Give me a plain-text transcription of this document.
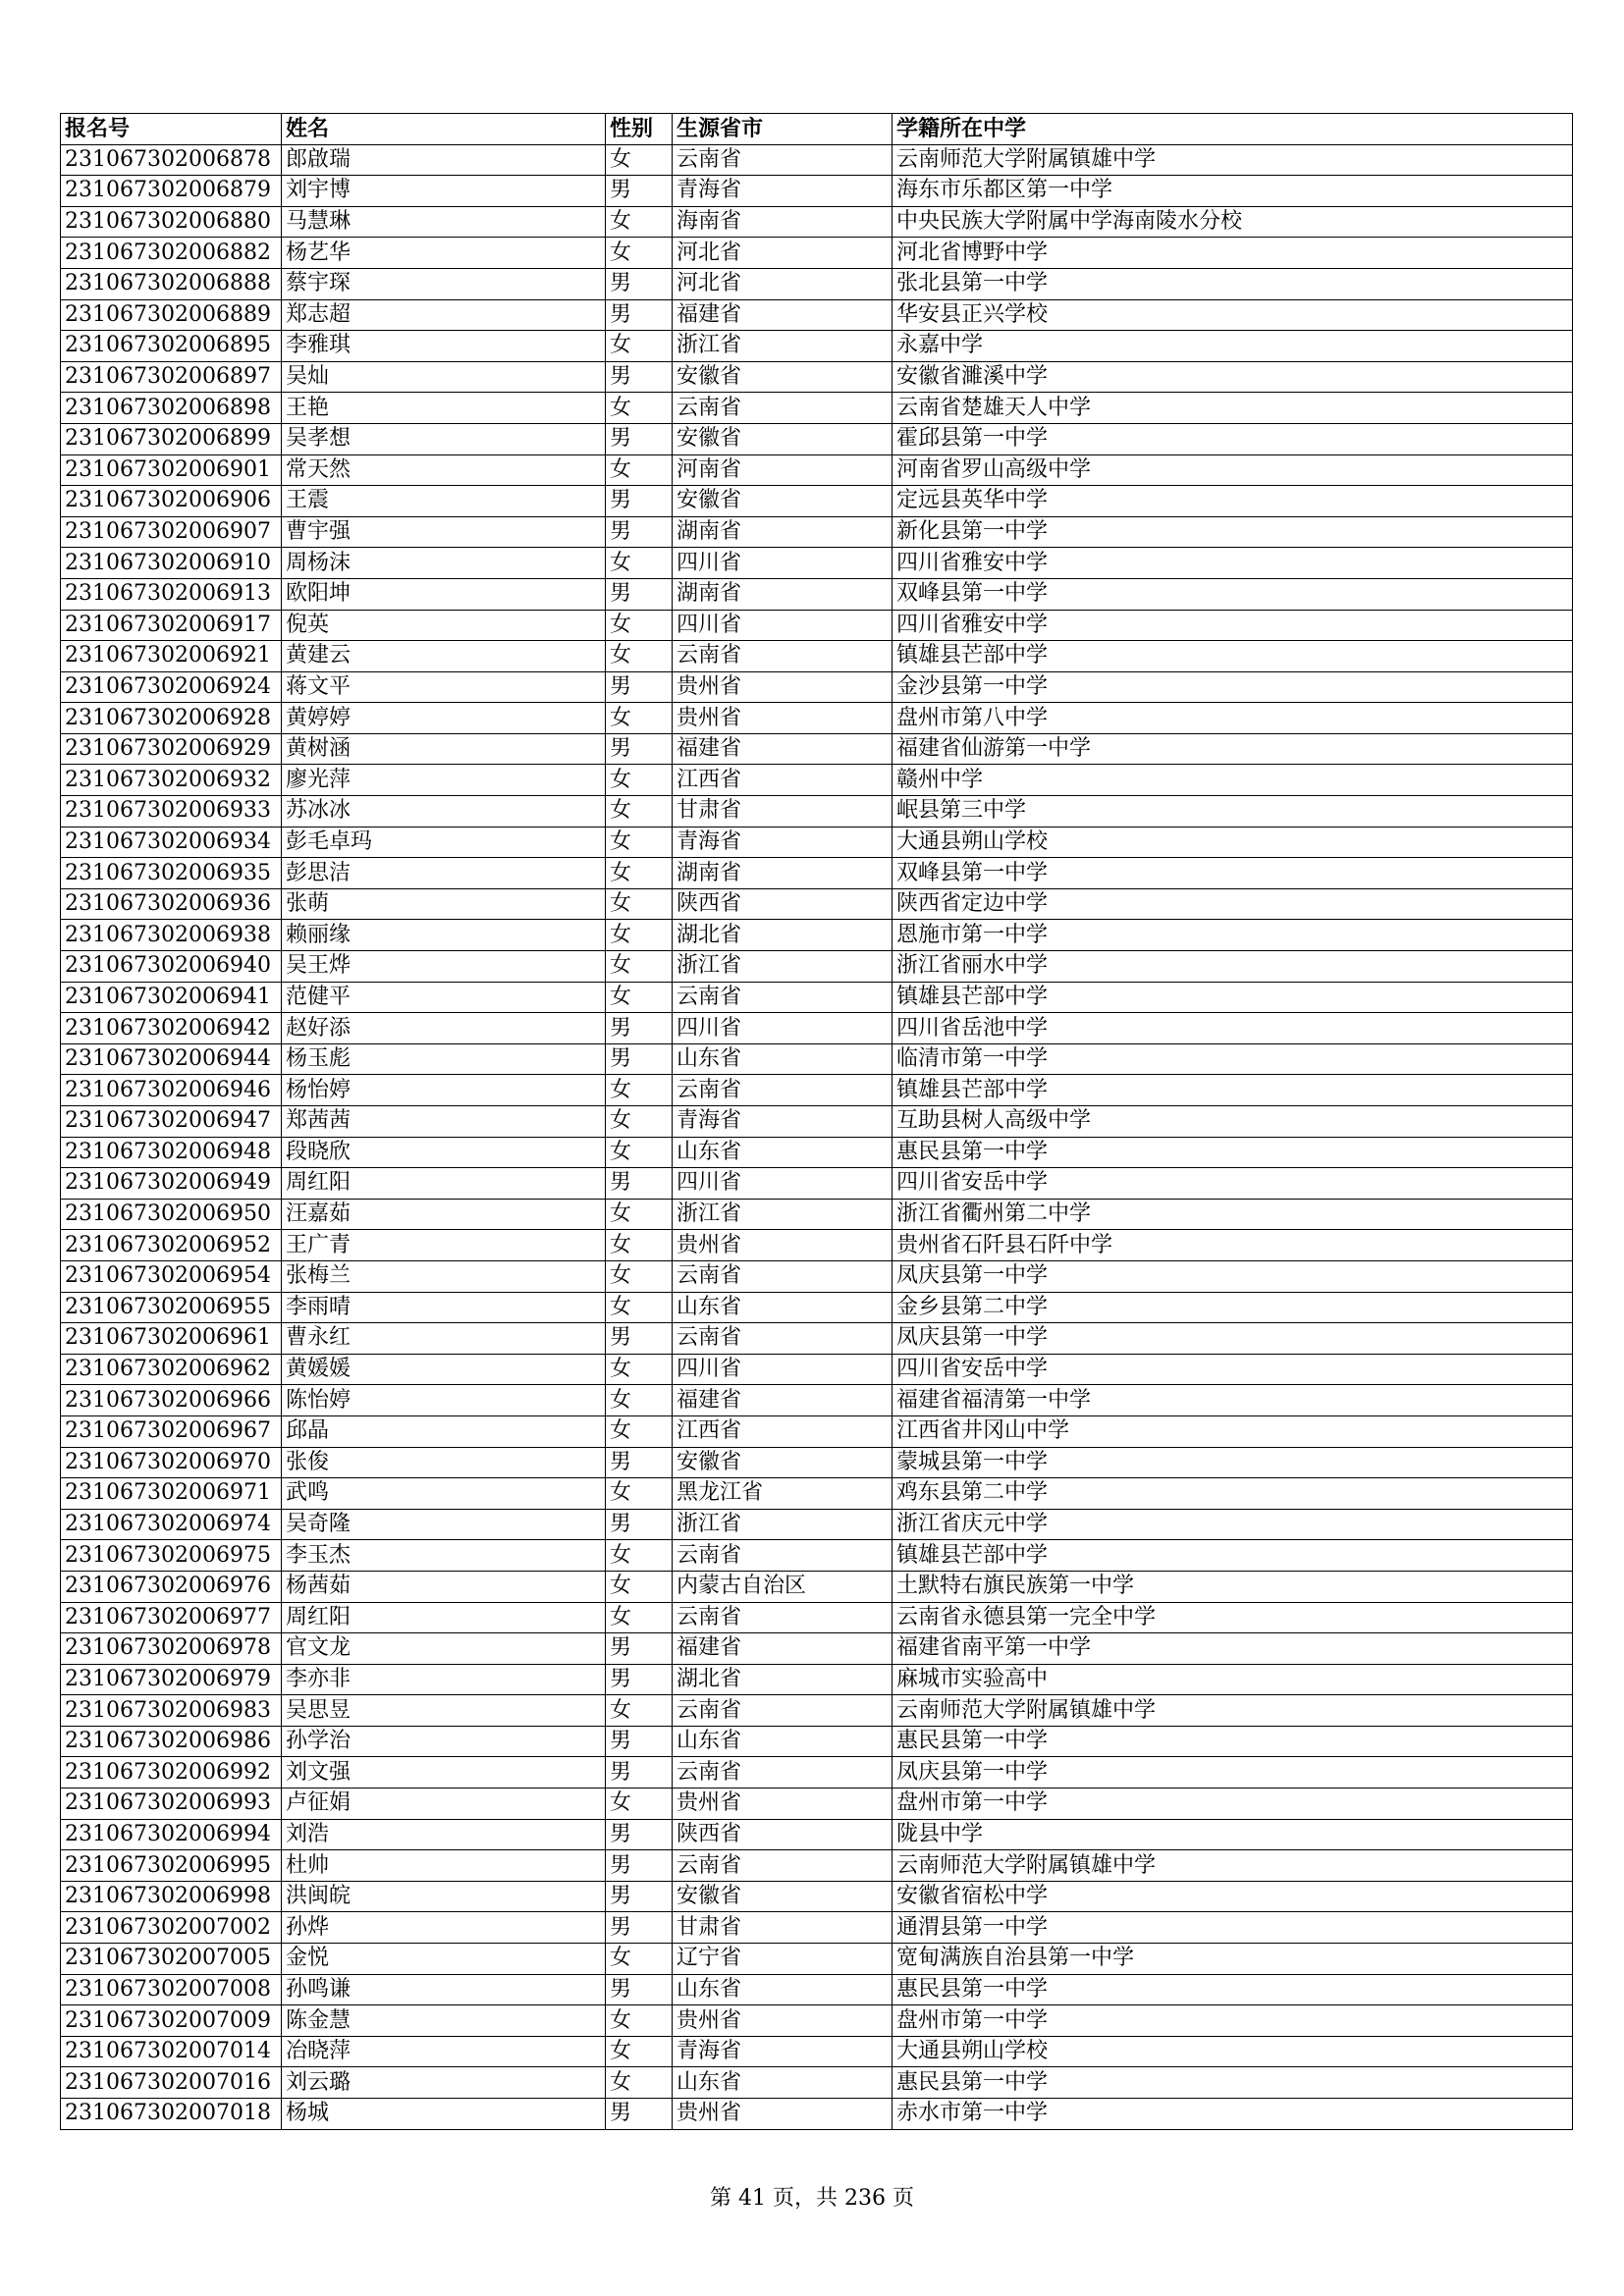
报名号	姓名	性别	生源省市	学籍所在中学
231067302006878	郎啟瑞	女	云南省	云南师范大学附属镇雄中学
231067302006879	刘宇博	男	青海省	海东市乐都区第一中学
231067302006880	马慧琳	女	海南省	中央民族大学附属中学海南陵水分校
231067302006882	杨艺华	女	河北省	河北省博野中学
231067302006888	蔡宇琛	男	河北省	张北县第一中学
231067302006889	郑志超	男	福建省	华安县正兴学校
231067302006895	李雅琪	女	浙江省	永嘉中学
231067302006897	吴灿	男	安徽省	安徽省濉溪中学
231067302006898	王艳	女	云南省	云南省楚雄天人中学
231067302006899	吴孝想	男	安徽省	霍邱县第一中学
231067302006901	常天然	女	河南省	河南省罗山高级中学
231067302006906	王震	男	安徽省	定远县英华中学
231067302006907	曹宇强	男	湖南省	新化县第一中学
231067302006910	周杨沫	女	四川省	四川省雅安中学
231067302006913	欧阳坤	男	湖南省	双峰县第一中学
231067302006917	倪英	女	四川省	四川省雅安中学
231067302006921	黄建云	女	云南省	镇雄县芒部中学
231067302006924	蒋文平	男	贵州省	金沙县第一中学
231067302006928	黄婷婷	女	贵州省	盘州市第八中学
231067302006929	黄树涵	男	福建省	福建省仙游第一中学
231067302006932	廖光萍	女	江西省	赣州中学
231067302006933	苏冰冰	女	甘肃省	岷县第三中学
231067302006934	彭毛卓玛	女	青海省	大通县朔山学校
231067302006935	彭思洁	女	湖南省	双峰县第一中学
231067302006936	张萌	女	陕西省	陕西省定边中学
231067302006938	赖丽缘	女	湖北省	恩施市第一中学
231067302006940	吴王烨	女	浙江省	浙江省丽水中学
231067302006941	范健平	女	云南省	镇雄县芒部中学
231067302006942	赵好添	男	四川省	四川省岳池中学
231067302006944	杨玉彪	男	山东省	临清市第一中学
231067302006946	杨怡婷	女	云南省	镇雄县芒部中学
231067302006947	郑茜茜	女	青海省	互助县树人高级中学
231067302006948	段晓欣	女	山东省	惠民县第一中学
231067302006949	周红阳	男	四川省	四川省安岳中学
231067302006950	汪嘉茹	女	浙江省	浙江省衢州第二中学
231067302006952	王广青	女	贵州省	贵州省石阡县石阡中学
231067302006954	张梅兰	女	云南省	凤庆县第一中学
231067302006955	李雨晴	女	山东省	金乡县第二中学
231067302006961	曹永红	男	云南省	凤庆县第一中学
231067302006962	黄媛媛	女	四川省	四川省安岳中学
231067302006966	陈怡婷	女	福建省	福建省福清第一中学
231067302006967	邱晶	女	江西省	江西省井冈山中学
231067302006970	张俊	男	安徽省	蒙城县第一中学
231067302006971	武鸣	女	黑龙江省	鸡东县第二中学
231067302006974	吴奇隆	男	浙江省	浙江省庆元中学
231067302006975	李玉杰	女	云南省	镇雄县芒部中学
231067302006976	杨茜茹	女	内蒙古自治区	土默特右旗民族第一中学
231067302006977	周红阳	女	云南省	云南省永德县第一完全中学
231067302006978	官文龙	男	福建省	福建省南平第一中学
231067302006979	李亦非	男	湖北省	麻城市实验高中
231067302006983	吴思昱	女	云南省	云南师范大学附属镇雄中学
231067302006986	孙学治	男	山东省	惠民县第一中学
231067302006992	刘文强	男	云南省	凤庆县第一中学
231067302006993	卢征娟	女	贵州省	盘州市第一中学
231067302006994	刘浩	男	陕西省	陇县中学
231067302006995	杜帅	男	云南省	云南师范大学附属镇雄中学
231067302006998	洪闽皖	男	安徽省	安徽省宿松中学
231067302007002	孙烨	男	甘肃省	通渭县第一中学
231067302007005	金悦	女	辽宁省	宽甸满族自治县第一中学
231067302007008	孙鸣谦	男	山东省	惠民县第一中学
231067302007009	陈金慧	女	贵州省	盘州市第一中学
231067302007014	冶晓萍	女	青海省	大通县朔山学校
231067302007016	刘云璐	女	山东省	惠民县第一中学
231067302007018	杨城	男	贵州省	赤水市第一中学
第 41 页，共 236 页
